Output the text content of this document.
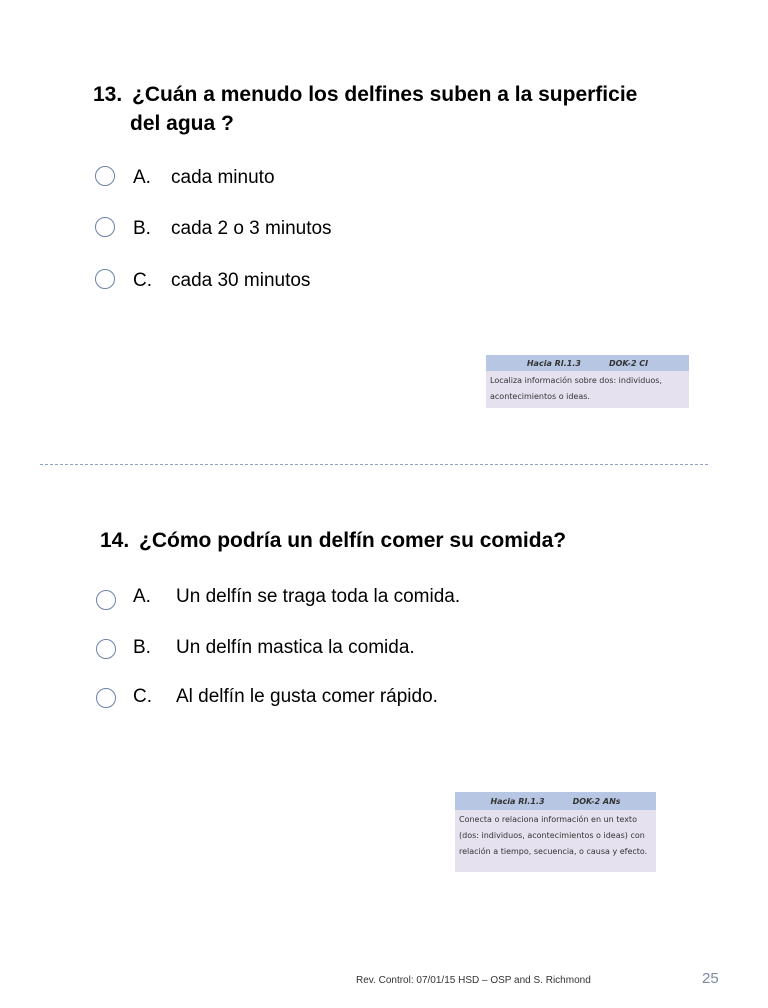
13. ¿Cuán a menudo los delfines suben a la superficie
del agua ?
A. cada minuto
B. cada 2 o 3 minutos
C. cada 30 minutos
Hacia RI.1.3	DOK-2 CI
Localiza información sobre dos: individuos, acontecimientos o ideas.
14. ¿Cómo podría un delfín comer su comida?
A. Un delfín se traga toda la comida.
B. Un delfín mastica la comida.
C. Al delfín le gusta comer rápido.
Hacia RI.1.3	DOK-2 ANs
Conecta o relaciona información en un texto (dos: individuos, acontecimientos o ideas) con relación a tiempo, secuencia, o causa y efecto.
Rev. Control: 07/01/15 HSD – OSP and S. Richmond	25
